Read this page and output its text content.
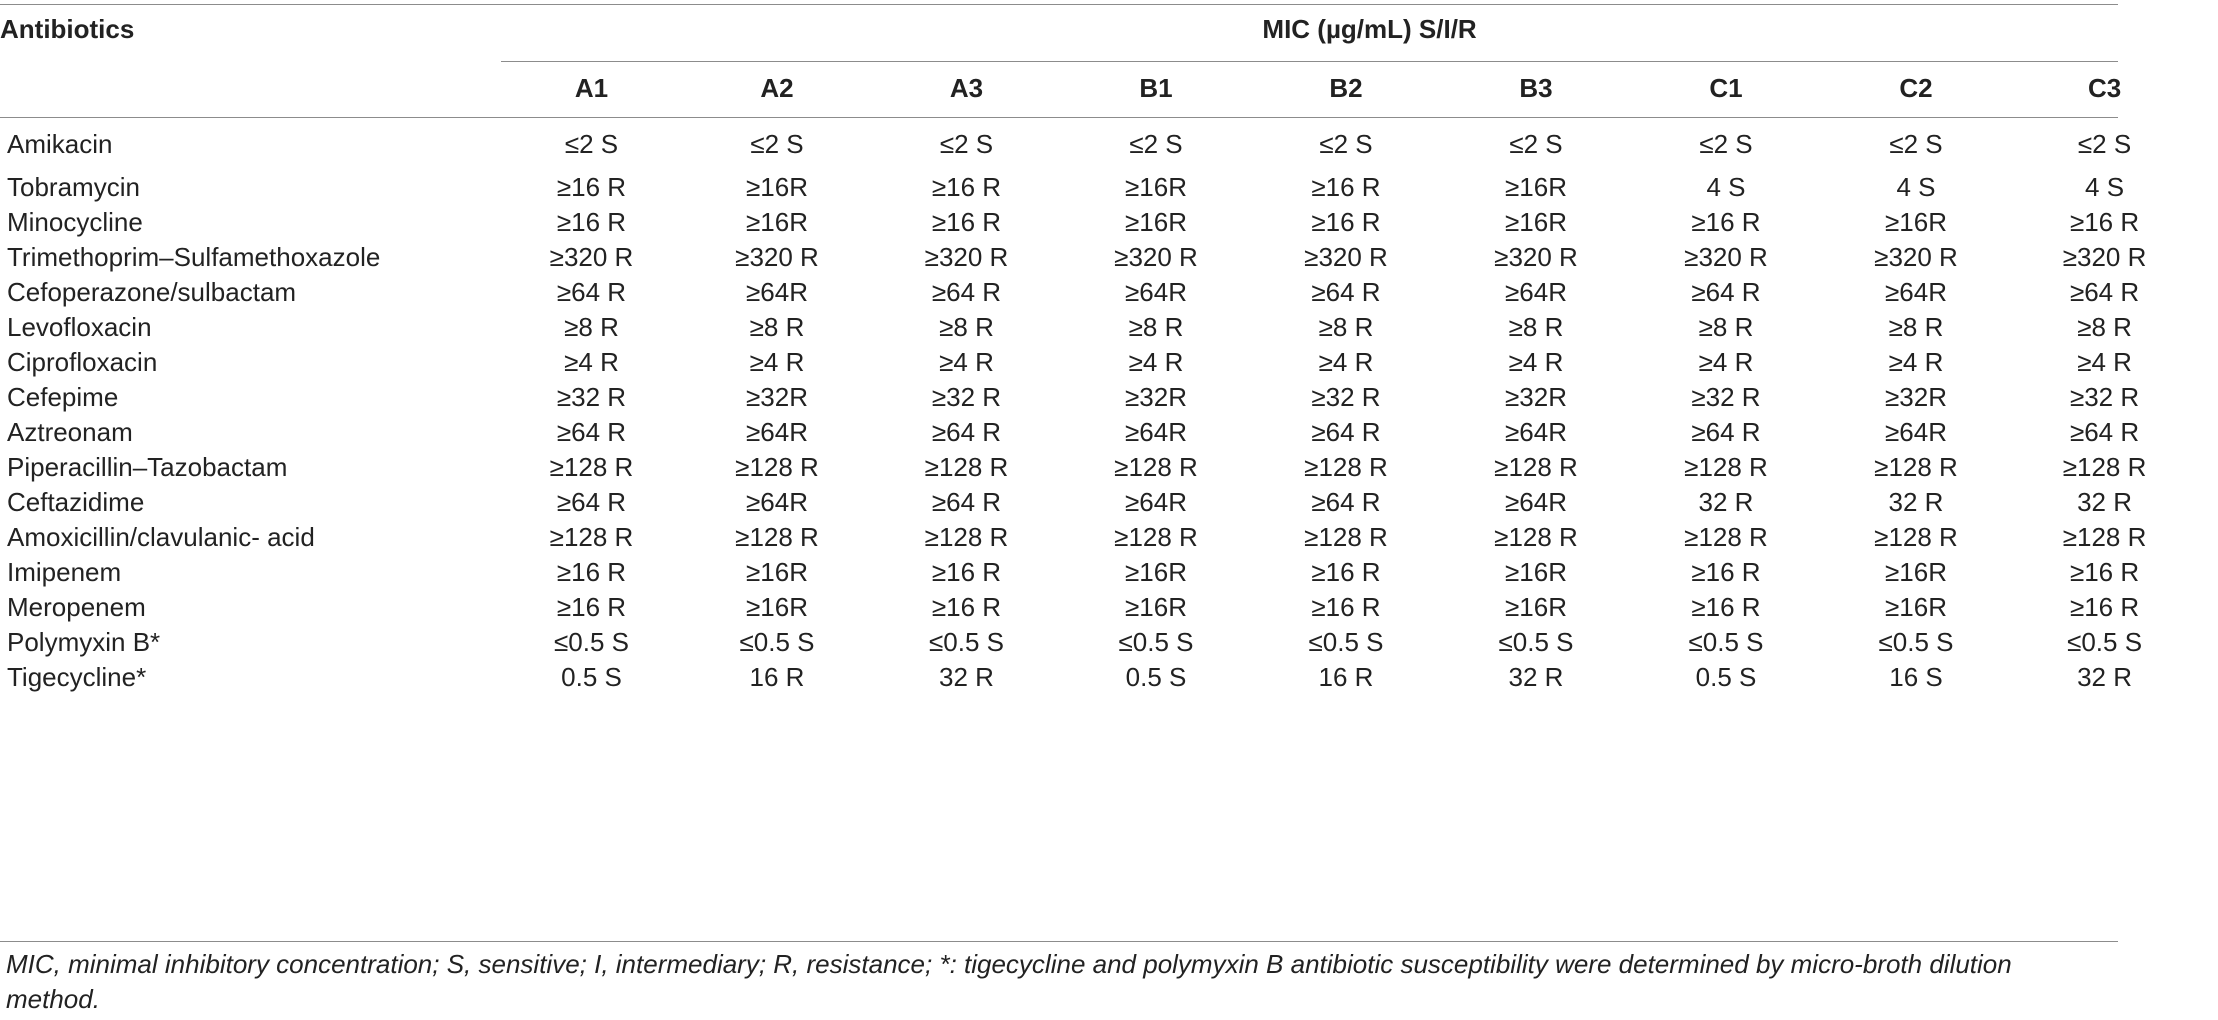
Antibiotics	MIC (µg/mL) S/I/R
	A1	A2	A3	B1	B2	B3	C1	C2	C3
Amikacin	≤2 S	≤2 S	≤2 S	≤2 S	≤2 S	≤2 S	≤2 S	≤2 S	≤2 S
Tobramycin	≥16 R	≥16R	≥16 R	≥16R	≥16 R	≥16R	4 S	4 S	4 S
Minocycline	≥16 R	≥16R	≥16 R	≥16R	≥16 R	≥16R	≥16 R	≥16R	≥16 R
Trimethoprim–Sulfamethoxazole	≥320 R	≥320 R	≥320 R	≥320 R	≥320 R	≥320 R	≥320 R	≥320 R	≥320 R
Cefoperazone/sulbactam	≥64 R	≥64R	≥64 R	≥64R	≥64 R	≥64R	≥64 R	≥64R	≥64 R
Levofloxacin	≥8 R	≥8 R	≥8 R	≥8 R	≥8 R	≥8 R	≥8 R	≥8 R	≥8 R
Ciprofloxacin	≥4 R	≥4 R	≥4 R	≥4 R	≥4 R	≥4 R	≥4 R	≥4 R	≥4 R
Cefepime	≥32 R	≥32R	≥32 R	≥32R	≥32 R	≥32R	≥32 R	≥32R	≥32 R
Aztreonam	≥64 R	≥64R	≥64 R	≥64R	≥64 R	≥64R	≥64 R	≥64R	≥64 R
Piperacillin–Tazobactam	≥128 R	≥128 R	≥128 R	≥128 R	≥128 R	≥128 R	≥128 R	≥128 R	≥128 R
Ceftazidime	≥64 R	≥64R	≥64 R	≥64R	≥64 R	≥64R	32 R	32 R	32 R
Amoxicillin/clavulanic- acid	≥128 R	≥128 R	≥128 R	≥128 R	≥128 R	≥128 R	≥128 R	≥128 R	≥128 R
Imipenem	≥16 R	≥16R	≥16 R	≥16R	≥16 R	≥16R	≥16 R	≥16R	≥16 R
Meropenem	≥16 R	≥16R	≥16 R	≥16R	≥16 R	≥16R	≥16 R	≥16R	≥16 R
Polymyxin B*	≤0.5 S	≤0.5 S	≤0.5 S	≤0.5 S	≤0.5 S	≤0.5 S	≤0.5 S	≤0.5 S	≤0.5 S
Tigecycline*	0.5 S	16 R	32 R	0.5 S	16 R	32 R	0.5 S	16 S	32 R
MIC, minimal inhibitory concentration; S, sensitive; I, intermediary; R, resistance; *: tigecycline and polymyxin B antibiotic susceptibility were determined by micro-broth dilution method.
